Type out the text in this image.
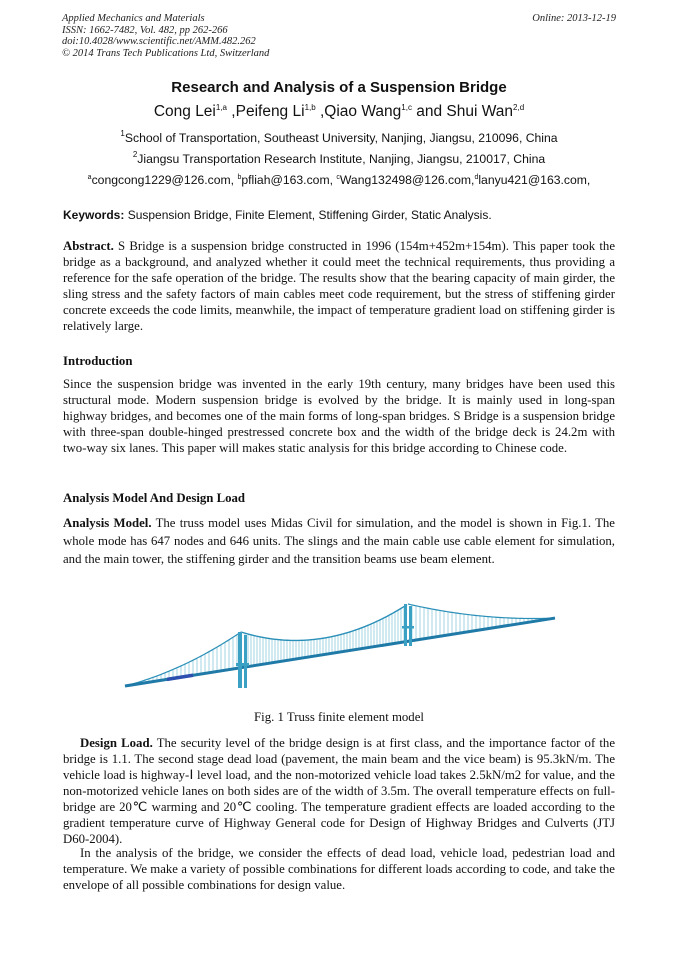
Applied Mechanics and Materials
ISSN: 1662-7482, Vol. 482, pp 262-266
doi:10.4028/www.scientific.net/AMM.482.262
© 2014 Trans Tech Publications Ltd, Switzerland
Online: 2013-12-19
Research and Analysis of a Suspension Bridge
Cong Lei$^{1,a}$ ,Peifeng Li$^{1,b}$ ,Qiao Wang$^{1,c}$ and Shui Wan$^{2,d}$
$^1$School of Transportation, Southeast University, Nanjing, Jiangsu, 210096, China
$^2$Jiangsu Transportation Research Institute, Nanjing, Jiangsu, 210017, China
$^a$congcong1229@126.com, $^b$pfliah@163.com, $^c$Wang132498@126.com,$^d$lanyu421@163.com,
Keywords: Suspension Bridge, Finite Element, Stiffening Girder, Static Analysis.
Abstract. S Bridge is a suspension bridge constructed in 1996 (154m+452m+154m). This paper took the bridge as a background, and analyzed whether it could meet the technical requirements, thus providing a reference for the safe operation of the bridge. The results show that the bearing capacity of main girder, the sling stress and the safety factors of main cables meet code requirement, but the stress of stiffening girder concrete exceeds the code limits, meanwhile, the impact of temperature gradient load on stiffening girder is relatively large.
Introduction
Since the suspension bridge was invented in the early 19th century, many bridges have been used this structural mode. Modern suspension bridge is evolved by the bridge. It is mainly used in long-span highway bridges, and becomes one of the main forms of long-span bridges. S Bridge is a suspension bridge with three-span double-hinged prestressed concrete box and the width of the bridge deck is 24.2m with two-way six lanes. This paper will makes static analysis for this bridge according to Chinese code.
Analysis Model And Design Load
Analysis Model. The truss model uses Midas Civil for simulation, and the model is shown in Fig.1. The whole mode has 647 nodes and 646 units. The slings and the main cable use cable element for simulation, and the main tower, the stiffening girder and the transition beams use beam element.
Fig. 1 Truss finite element model
Design Load. The security level of the bridge design is at first class, and the importance factor of the bridge is 1.1. The second stage dead load (pavement, the main beam and the vice beam) is 95.3kN/m. The vehicle load is highway-Ⅰ level load, and the non-motorized vehicle load takes 2.5kN/m2 for value, and the non-motorized vehicle lanes on both sides are of the width of 3.5m. The overall temperature effects on full-bridge are 20℃ warming and 20℃ cooling. The temperature gradient effects are loaded according to the gradient temperature curve of Highway General code for Design of Highway Bridges and Culverts (JTJ D60-2004).
In the analysis of the bridge, we consider the effects of dead load, vehicle load, pedestrian load and temperature. We make a variety of possible combinations for different loads according to code, and take the envelope of all possible combinations for design value.
